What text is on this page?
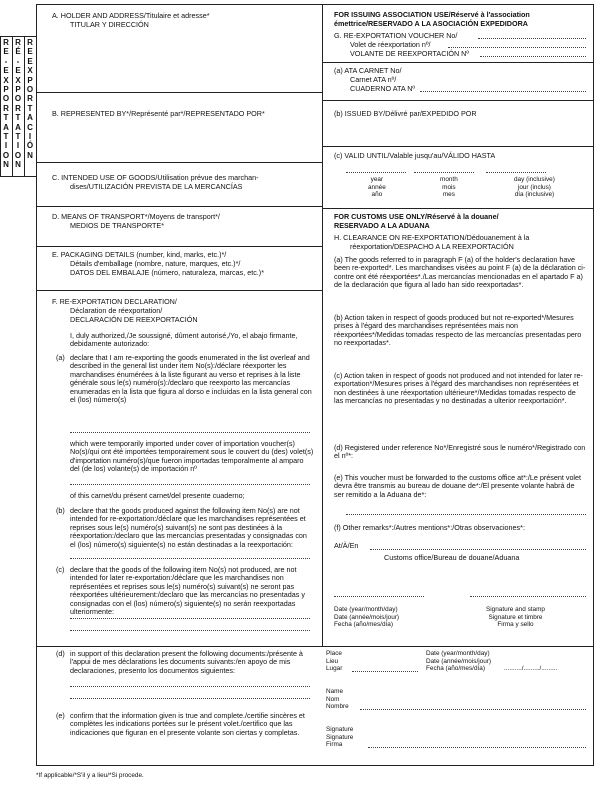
R
E
-
E
X
P
O
R
T
A
T
I
O
N
R
É
-
E
X
P
O
R
T
A
T
I
O
N
R
E
E
X
P
O
R
T
A
C
I
Ó
N
A. HOLDER AND ADDRESS/Titulaire et adresse*
TITULAR Y DIRECCIÓN
B. REPRESENTED BY*/Représenté par*/REPRESENTADO POR*
C. INTENDED USE OF GOODS/Utilisation prévue des marchan-
dises/UTILIZACIÓN PREVISTA DE LA MERCANCÍAS
D. MEANS OF TRANSPORT*/Moyens de transport*/
MEDIOS DE TRANSPORTE*
E. PACKAGING DETAILS (number, kind, marks, etc.)*/
Détails d'emballage (nombre, nature, marques, etc.)*/
DATOS DEL EMBALAJE (número, naturaleza, marcas, etc.)*
F. RE-EXPORTATION DECLARATION/
Déclaration de réexportation/
DECLARACIÓN DE REEXPORTACIÓN
I, duly authorized,/Je soussigné, dûment autorisé,/Yo, el abajo firmante, debidamente autorizado:
(a) declare that I am re-exporting the goods enumerated in the list overleaf and described in the general list under item No(s):/déclare réexporter les marchandises énumérées à la liste figurant au verso et reprises à la liste générale sous le(s) numéro(s):/declaro que reexporto las mercancías enumeradas en la lista que figura al dorso e incluidas en la lista general con el (los) número(s)
which were temporarily imported under cover of importation voucher(s) No(s)/qui ont été importées temporairement sous le couvert du (des) volet(s) d'importation numéro(s)/que fueron importadas temporalmente al amparo del (de los) volante(s) de importación nº
of this carnet/du présent carnet/del presente cuaderno;
(b) declare that the goods produced against the following item No(s) are not intended for re-exportation:/déclare que les marchandises représentées et reprises sous le(s) numéro(s) suivant(s) ne sont pas destinées à la réexportation:/declaro que las mercancías presentadas y consignadas con el (los) número(s) siguiente(s) no están destinadas a la reexportación:
(c) declare that the goods of the following item No(s) not produced, are not intended for later re-exportation:/déclare que les marchandises non représentées et reprises sous le(s) numéro(s) suivant(s) ne seront pas réexportées ultérieurement:/declaro que las mercancías no presentadas y consignadas con el (los) número(s) siguiente(s) no serán reexportadas ulteriormente:
(d) in support of this declaration present the following documents:/présente à l'appui de mes déclarations les documents suivants:/en apoyo de mis declaraciones, presento los documentos siguientes:
(e) confirm that the information given is true and complete./certifie sincères et complètes les indications portées sur le présent volet./certifico que las indicaciones que figuran en el presente volante son ciertas y completas.
FOR ISSUING ASSOCIATION USE/Réservé à l'association
émettrice/RESERVADO A LA ASOCIACIÓN EXPEDIDORA
G. RE-EXPORTATION VOUCHER No/
Volet de réexportation nº/
VOLANTE DE REEXPORTACIÓN Nº
(a) ATA CARNET No/
Carnet ATA nº/
CUADERNO ATA Nº
(b) ISSUED BY/Délivré par/EXPEDIDO POR
(c) VALID UNTIL/Valable jusqu'au/VÁLIDO HASTA
year
année
año
month
mois
mes
day (inclusive)
jour (inclus)
día (inclusive)
FOR CUSTOMS USE ONLY/Réservé à la douane/
RESERVADO A LA ADUANA
H. CLEARANCE ON RE-EXPORTATION/Dédouanement à la
réexportation/DESPACHO A LA REEXPORTACIÓN
(a) The goods referred to in paragraph F (a) of the holder's declaration have been re-exported*. Les marchandises visées au point F (a) de la déclaration ci-contre ont été réexportées*./Las mercancías mencionadas en el apartado F a) de la declaración que figura al lado han sido reexportadas*.
(b) Action taken in respect of goods produced but not re-exported*/Mesures prises à l'égard des marchandises représentées mais non réexportées*/Medidas tomadas respecto de las mercancías presentadas pero no reexportadas*.
(c) Action taken in respect of goods not produced and not intended for later re-exportation*/Mesures prises à l'égard des marchandises non représentées et non destinées à une réexportation ultérieure*/Medidas tomadas respecto de las mercancías no presentadas y no destinadas a ulterior reexportación*.
(d) Registered under reference No*/Enregistré sous le numéro*/Registrado con el nº*:
(e) This voucher must be forwarded to the customs office at*:/Le présent volet devra être transmis au bureau de douane de*:/El presente volante habrá de ser remitido a la Aduana de*:
(f) Other remarks*:/Autres mentions*:/Otras observaciones*:
At/À/En
Customs office/Bureau de douane/Aduana
Date (year/month/day)
Date (année/mois/jour)
Fecha (año/mes/día)
Signature and stamp
Signature et timbre
Firma y sello
Place
Lieu
Lugar
Date (year/month/day)
Date (année/mois/jour)
Fecha (año/mes/día)	........../........./.........
Name
Nom
Nombre
Signature
Signature
Firma
*If applicable/*S'il y a lieu/*Si procede.
